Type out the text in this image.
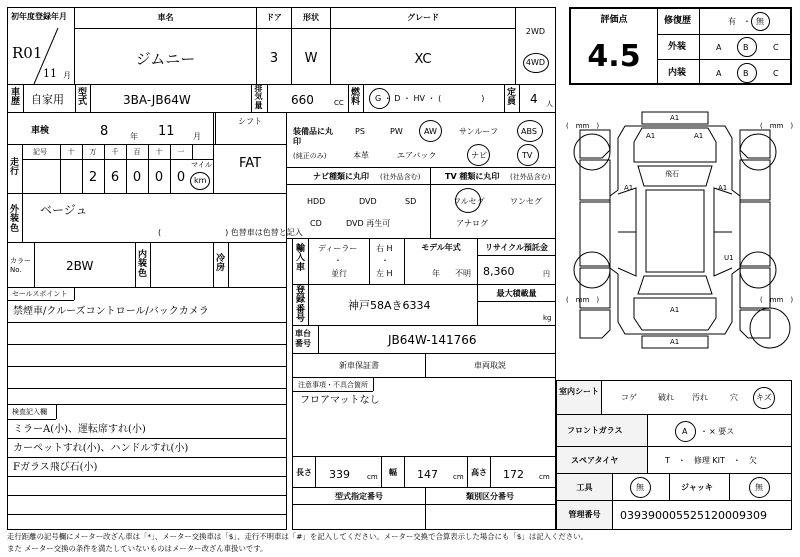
初年度登録年月
R01
11 月
車名
ジムニー
ドア
3
形状
W
グレード
XC
2WD
4WD
評価点
4.5
修復歴	有 ・ 無
外装	A	B	C
内装	A	B	C
車歴 自家用 型式	3BA-JB64W
排気量 660	CC
燃料 G ・ D ・ HV ・ (　　　　　)
定員 4 人
車検	8	年 11 月
シフト
FAT
走行
記号
マイル
km
十	万
2
千
6
百
0
十
0
一
0
外装色
ベージュ
(　　　　　　　　) 色替車は色替と記入
カラーNo.	2BW
内装色
冷房
セールスポイント
禁煙車/クルーズコントロール/バックカメラ
検査記入欄
ミラーA(小)、運転席すれ(小)
カーペットすれ(小)、ハンドルすれ(小)
Fガラス飛び石(小)
装備品に丸印
(純正のみ)
PS	PW	AW	サンルーフ	ABS
本革	エアバック	ナビ	TV
ナビ種類に丸印 (社外品含む)
HDD	DVD	SD
CD	DVD 再生可
TV 種類に丸印 (社外品含む)
フルセグ	ワンセグ
アナログ
輸入車
ディーラー
・
並行
右 H
・
左 H
モデル年式
年 不明
リサイクル預託金
8,360	円
登録番号
神戸58Aき6334
最大積載量
kg
車台番号	JB64W-141766
新車保証書	車両取説
注意事項・不具合箇所
フロアマットなし
長さ 339 cm 幅 147 cm 高さ 172 cm
型式指定番号	類別区分番号
(　mm　)	(　mm　)
(　mm　)	(　mm　)
A1
A1	A1
A1	A1
U1
A1
A1
飛石
室内シート
コゲ	破れ 汚れ	穴 キズ
フロントガラス	A ・ × 要ス
スペアタイヤ	T　・　修理 KIT　・　欠
工具	無	ジャッキ	無
管理番号	039390005525120009309
走行距離の記号欄にメーター改ざん車は「*」、メーター交換車は「$」、走行不明車は「#」を記入してください。メーター交換で合算表示した場合にも「$」は記入ください。
また メーター交換の条件を満たしていないものはメーター改ざん車扱いです。
